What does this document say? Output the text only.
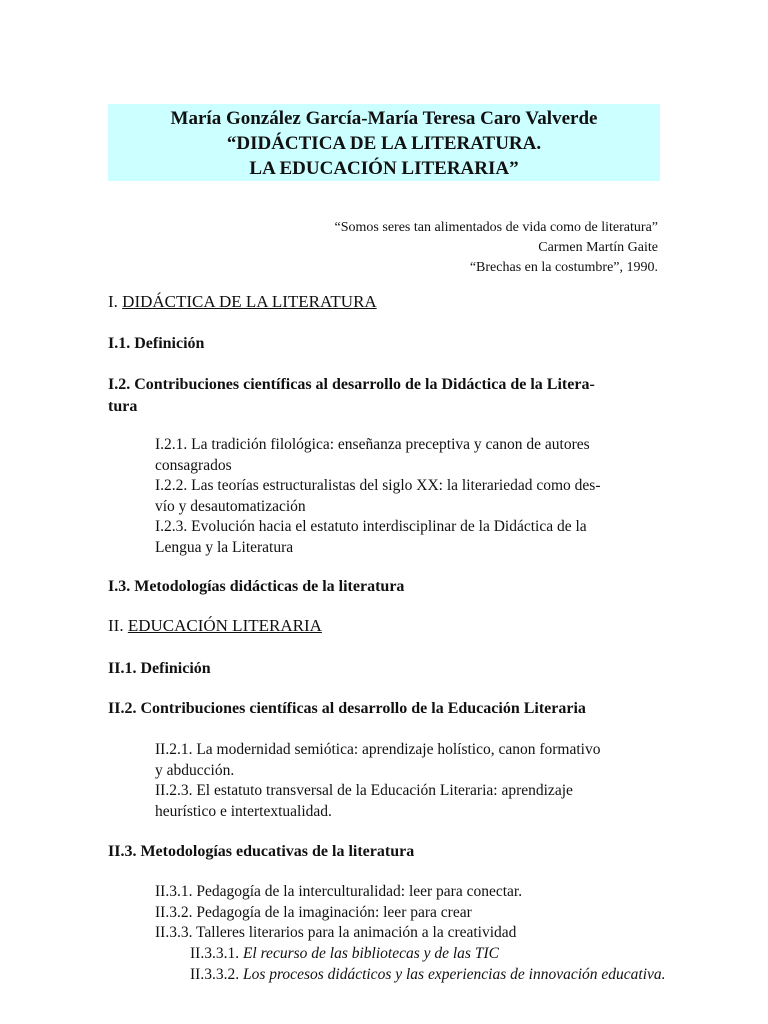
María González García-María Teresa Caro Valverde
“DIDÁCTICA DE LA LITERATURA.
LA EDUCACIÓN LITERARIA”
“Somos seres tan alimentados de vida como de literatura”
Carmen Martín Gaite
“Brechas en la costumbre”, 1990.
I. DIDÁCTICA DE LA LITERATURA
I.1. Definición
I.2. Contribuciones científicas al desarrollo de la Didáctica de la Litera-
tura
I.2.1. La tradición filológica: enseñanza preceptiva y canon de autores
consagrados
I.2.2. Las teorías estructuralistas del siglo XX: la literariedad como des-
vío y desautomatización
I.2.3. Evolución hacia el estatuto interdisciplinar de la Didáctica de la
Lengua y la Literatura
I.3. Metodologías didácticas de la literatura
II. EDUCACIÓN LITERARIA
II.1. Definición
II.2. Contribuciones científicas al desarrollo de la Educación Literaria
II.2.1. La modernidad semiótica: aprendizaje holístico, canon formativo
y abducción.
II.2.3. El estatuto transversal de la Educación Literaria: aprendizaje
heurístico e intertextualidad.
II.3. Metodologías educativas de la literatura
II.3.1. Pedagogía de la interculturalidad: leer para conectar.
II.3.2. Pedagogía de la imaginación: leer para crear
II.3.3. Talleres literarios para la animación a la creatividad
II.3.3.1. El recurso de las bibliotecas y de las TIC
II.3.3.2. Los procesos didácticos y las experiencias de innovación educativa.
